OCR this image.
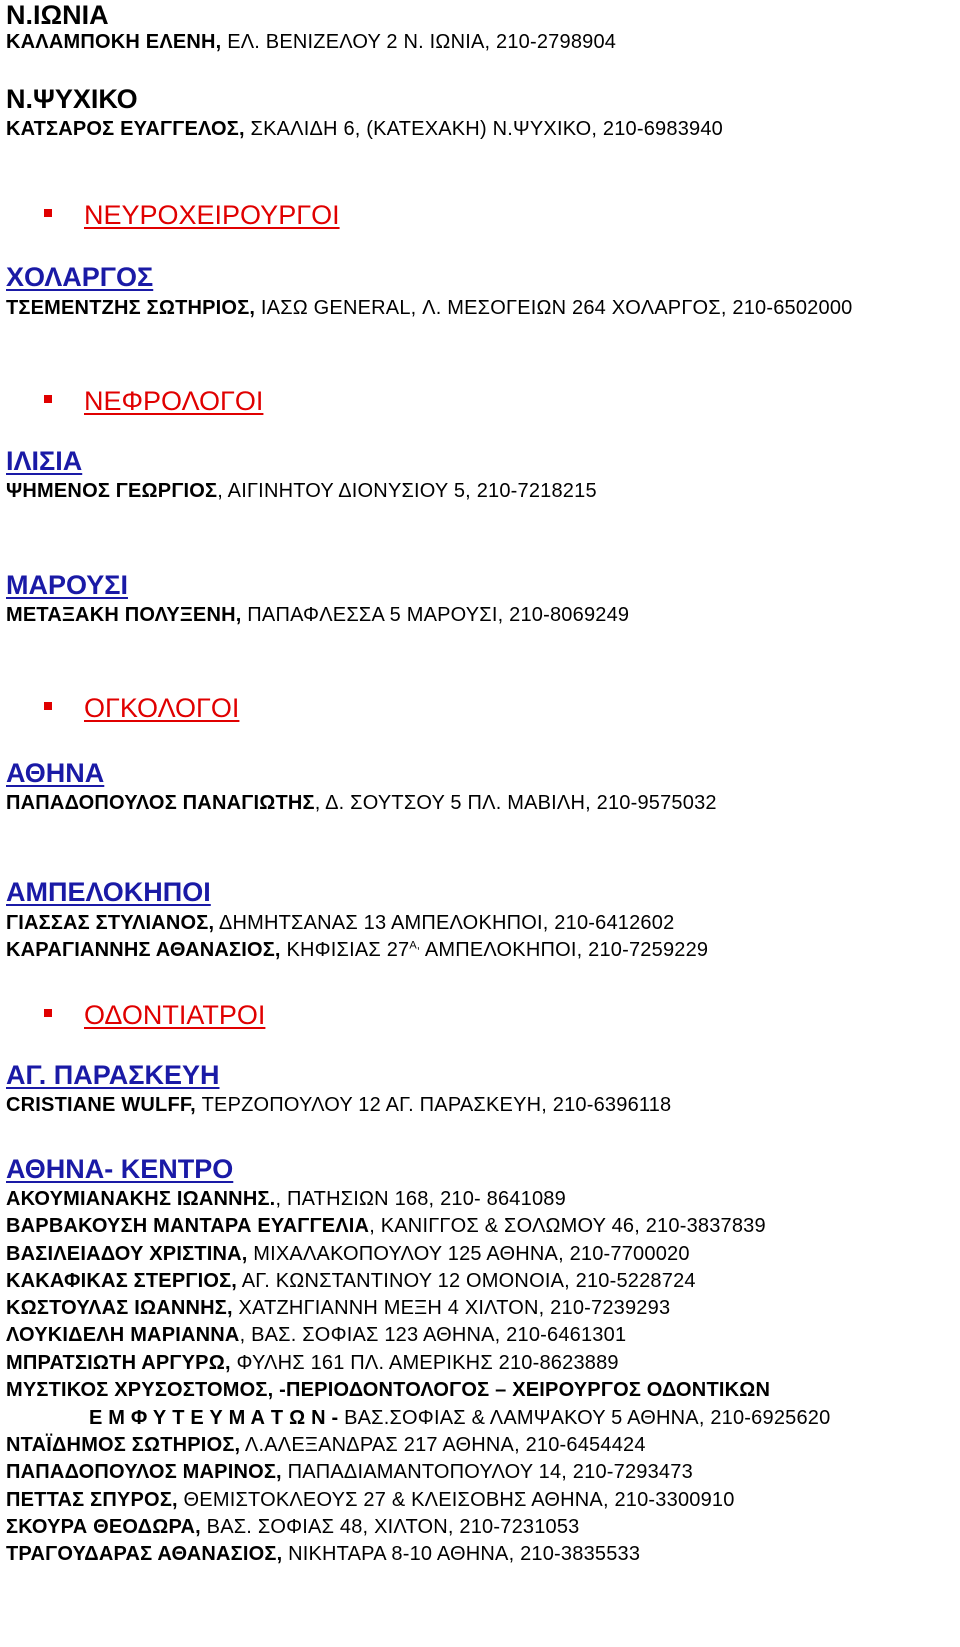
Ν.ΙΩΝΙΑ
ΚΑΛΑΜΠΟΚΗ ΕΛΕΝΗ, ΕΛ. ΒΕΝΙΖΕΛΟΥ 2 Ν. ΙΩΝΙΑ, 210-2798904
Ν.ΨΥΧΙΚΟ
ΚΑΤΣΑΡΟΣ ΕΥΑΓΓΕΛΟΣ, ΣΚΑΛΙΔΗ 6, (ΚΑΤΕΧΑΚΗ) Ν.ΨΥΧΙΚΟ, 210-6983940
ΝΕΥΡΟΧΕΙΡΟΥΡΓΟΙ
ΧΟΛΑΡΓΟΣ
ΤΣΕΜΕΝΤΖΗΣ ΣΩΤΗΡΙΟΣ, ΙΑΣΩ GENERAL, Λ. ΜΕΣΟΓΕΙΩΝ 264 ΧΟΛΑΡΓΟΣ, 210-6502000
ΝΕΦΡΟΛΟΓΟΙ
ΙΛΙΣΙΑ
ΨΗΜΕΝΟΣ ΓΕΩΡΓΙΟΣ, ΑΙΓΙΝΗΤΟΥ ΔΙΟΝΥΣΙΟΥ 5, 210-7218215
ΜΑΡΟΥΣΙ
ΜΕΤΑΞΑΚΗ ΠΟΛΥΞΕΝΗ, ΠΑΠΑΦΛΕΣΣΑ 5 ΜΑΡΟΥΣΙ, 210-8069249
ΟΓΚΟΛΟΓΟΙ
ΑΘΗΝΑ
ΠΑΠΑΔΟΠΟΥΛΟΣ ΠΑΝΑΓΙΩΤΗΣ, Δ. ΣΟΥΤΣΟΥ 5 ΠΛ. ΜΑΒΙΛΗ, 210-9575032
ΑΜΠΕΛΟΚΗΠΟΙ
ΓΙΑΣΣΑΣ ΣΤΥΛΙΑΝΟΣ, ΔΗΜΗΤΣΑΝΑΣ 13 ΑΜΠΕΛΟΚΗΠΟΙ, 210-6412602
ΚΑΡΑΓΙΑΝΝΗΣ ΑΘΑΝΑΣΙΟΣ, ΚΗΦΙΣΙΑΣ $27^{A,}$ ΑΜΠΕΛΟΚΗΠΟΙ, 210-7259229
ΟΔΟΝΤΙΑΤΡΟΙ
ΑΓ. ΠΑΡΑΣΚΕΥΗ
CRISTIANE WULFF, ΤΕΡΖΟΠΟΥΛΟΥ 12 ΑΓ. ΠΑΡΑΣΚΕΥΗ, 210-6396118
ΑΘΗΝΑ- ΚΕΝΤΡΟ
ΑΚΟΥΜΙΑΝΑΚΗΣ ΙΩΑΝΝΗΣ., ΠΑΤΗΣΙΩΝ 168, 210- 8641089
ΒΑΡΒΑΚΟΥΣΗ ΜΑΝΤΑΡΑ ΕΥΑΓΓΕΛΙΑ, ΚΑΝΙΓΓΟΣ & ΣΟΛΩΜΟΥ 46, 210-3837839
ΒΑΣΙΛΕΙΑΔΟΥ ΧΡΙΣΤΙΝΑ, ΜΙΧΑΛΑΚΟΠΟΥΛΟΥ 125 ΑΘΗΝΑ, 210-7700020
ΚΑΚΑΦΙΚΑΣ ΣΤΕΡΓΙΟΣ, ΑΓ. ΚΩΝΣΤΑΝΤΙΝΟΥ 12 ΟΜΟΝΟΙΑ, 210-5228724
ΚΩΣΤΟΥΛΑΣ ΙΩΑΝΝΗΣ, ΧΑΤΖΗΓΙΑΝΝΗ ΜΕΞΗ 4 ΧΙΛΤΟΝ, 210-7239293
ΛΟΥΚΙΔΕΛΗ ΜΑΡΙΑΝΝΑ, ΒΑΣ. ΣΟΦΙΑΣ 123 ΑΘΗΝΑ, 210-6461301
ΜΠΡΑΤΣΙΩΤΗ ΑΡΓΥΡΩ, ΦΥΛΗΣ 161 ΠΛ. ΑΜΕΡΙΚΗΣ 210-8623889
ΜΥΣΤΙΚΟΣ ΧΡΥΣΟΣΤΟΜΟΣ, -ΠΕΡΙΟΔΟΝΤΟΛΟΓΟΣ – ΧΕΙΡΟΥΡΓΟΣ ΟΔΟΝΤΙΚΩΝ
Ε Μ Φ Υ Τ Ε Υ Μ Α Τ Ω Ν - ΒΑΣ.ΣΟΦΙΑΣ & ΛΑΜΨΑΚΟΥ 5 ΑΘΗΝΑ, 210-6925620
ΝΤΑΪΔΗΜΟΣ ΣΩΤΗΡΙΟΣ, Λ.ΑΛΕΞΑΝΔΡΑΣ 217 ΑΘΗΝΑ, 210-6454424
ΠΑΠΑΔΟΠΟΥΛΟΣ ΜΑΡΙΝΟΣ, ΠΑΠΑΔΙΑΜΑΝΤΟΠΟΥΛΟΥ 14, 210-7293473
ΠΕΤΤΑΣ ΣΠΥΡΟΣ, ΘΕΜΙΣΤΟΚΛΕΟΥΣ 27 & ΚΛΕΙΣΟΒΗΣ ΑΘΗΝΑ, 210-3300910
ΣΚΟΥΡΑ ΘΕΟΔΩΡΑ, ΒΑΣ. ΣΟΦΙΑΣ 48, ΧΙΛΤΟΝ, 210-7231053
ΤΡΑΓΟΥΔΑΡΑΣ ΑΘΑΝΑΣΙΟΣ, ΝΙΚΗΤΑΡΑ 8-10 ΑΘΗΝΑ, 210-3835533
